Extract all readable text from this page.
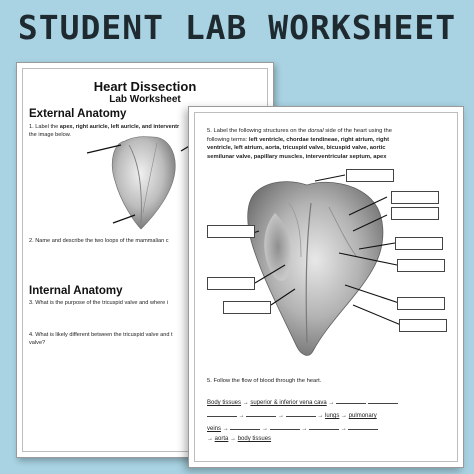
STUDENT LAB WORKSHEET
Heart Dissection
Lab Worksheet
External Anatomy
1. Label the apex, right auricle, left auricle, and interventr
the image below.
2. Name and describe the two loops of the mammalian c
Internal Anatomy
3. What is the purpose of the tricuspid valve and where i
4. What is likely different between the tricuspid valve and t
valve?
5. Label the following structures on the dorsal side of the heart using the
following terms: left ventricle, chordae tendineae, right atrium, right
ventricle, left atrium, aorta, tricuspid valve, bicuspid valve, aortic
semilunar valve, papillary muscles, interventricular septum, apex
5. Follow the flow of blood through the heart.
Body tissues → superior & inferior vena cava →
→	→	→ lungs → pulmonary
veins →	→	→	→
→ aorta → body tissues
